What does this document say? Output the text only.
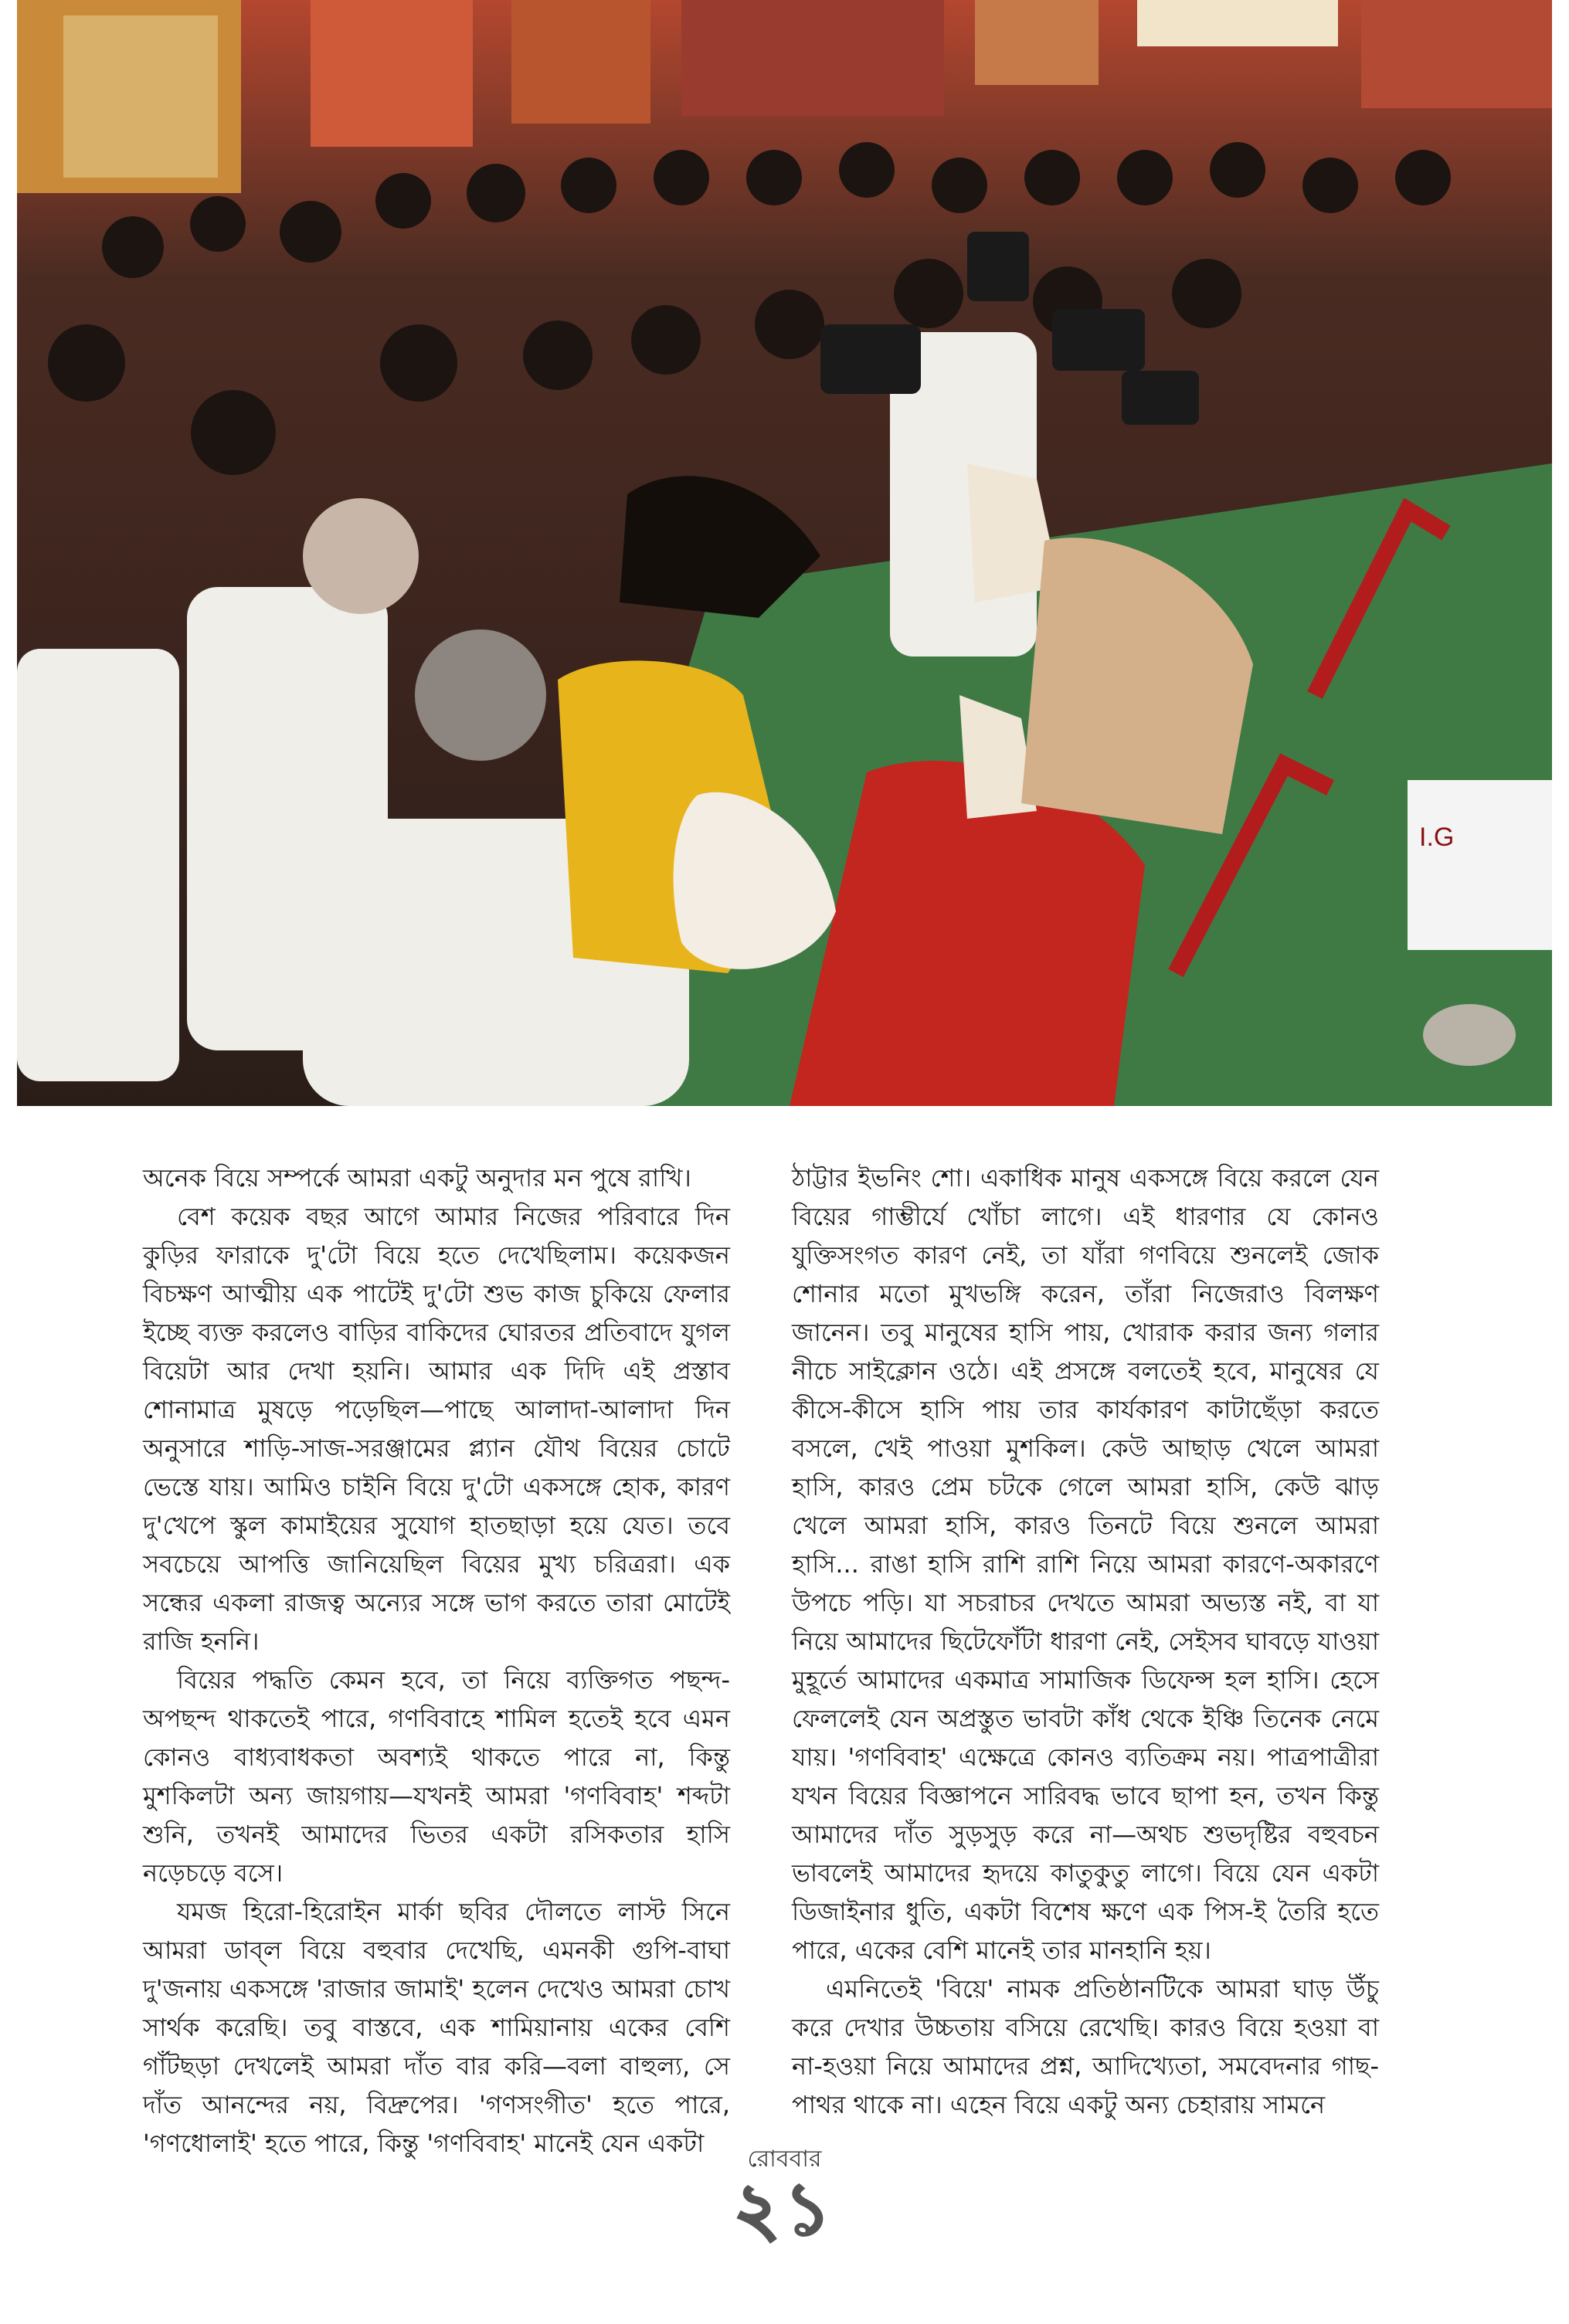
I.G

অনেক বিয়ে সম্পর্কে আমরা একটু অনুদার মন পুষে রাখি।

বেশ কয়েক বছর আগে আমার নিজের পরিবারে দিন কুড়ির ফারাকে দু'টো বিয়ে হতে দেখেছিলাম। কয়েকজন বিচক্ষণ আত্মীয় এক পাটেই দু'টো শুভ কাজ চুকিয়ে ফেলার ইচ্ছে ব্যক্ত করলেও বাড়ির বাকিদের ঘোরতর প্রতিবাদে যুগল বিয়েটা আর দেখা হয়নি। আমার এক দিদি এই প্রস্তাব শোনামাত্র মুষড়ে পড়েছিল—পাছে আলাদা-আলাদা দিন অনুসারে শাড়ি-সাজ-সরঞ্জামের প্ল্যান যৌথ বিয়ের চোটে ভেস্তে যায়। আমিও চাইনি বিয়ে দু'টো একসঙ্গে হোক, কারণ দু'খেপে স্কুল কামাইয়ের সুযোগ হাতছাড়া হয়ে যেত। তবে সবচেয়ে আপত্তি জানিয়েছিল বিয়ের মুখ্য চরিত্ররা। এক সন্ধের একলা রাজত্ব অন্যের সঙ্গে ভাগ করতে তারা মোটেই রাজি হননি।

বিয়ের পদ্ধতি কেমন হবে, তা নিয়ে ব্যক্তিগত পছন্দ-অপছন্দ থাকতেই পারে, গণবিবাহে শামিল হতেই হবে এমন কোনও বাধ্যবাধকতা অবশ্যই থাকতে পারে না, কিন্তু মুশকিলটা অন্য জায়গায়—যখনই আমরা 'গণবিবাহ' শব্দটা শুনি, তখনই আমাদের ভিতর একটা রসিকতার হাসি নড়েচড়ে বসে।

যমজ হিরো-হিরোইন মার্কা ছবির দৌলতে লাস্ট সিনে আমরা ডাব্‌ল বিয়ে বহুবার দেখেছি, এমনকী গুপি-বাঘা দু'জনায় একসঙ্গে 'রাজার জামাই' হলেন দেখেও আমরা চোখ সার্থক করেছি। তবু বাস্তবে, এক শামিয়ানায় একের বেশি গাঁটছড়া দেখলেই আমরা দাঁত বার করি—বলা বাহুল্য, সে দাঁত আনন্দের নয়, বিদ্রুপের। 'গণসংগীত' হতে পারে, 'গণধোলাই' হতে পারে, কিন্তু 'গণবিবাহ' মানেই যেন একটা

ঠাট্টার ইভনিং শো। একাধিক মানুষ একসঙ্গে বিয়ে করলে যেন বিয়ের গাম্ভীর্যে খোঁচা লাগে। এই ধারণার যে কোনও যুক্তিসংগত কারণ নেই, তা যাঁরা গণবিয়ে শুনলেই জোক শোনার মতো মুখভঙ্গি করেন, তাঁরা নিজেরাও বিলক্ষণ জানেন। তবু মানুষের হাসি পায়, খোরাক করার জন্য গলার নীচে সাইক্লোন ওঠে। এই প্রসঙ্গে বলতেই হবে, মানুষের যে কীসে-কীসে হাসি পায় তার কার্যকারণ কাটাছেঁড়া করতে বসলে, খেই পাওয়া মুশকিল। কেউ আছাড় খেলে আমরা হাসি, কারও প্রেম চটকে গেলে আমরা হাসি, কেউ ঝাড় খেলে আমরা হাসি, কারও তিনটে বিয়ে শুনলে আমরা হাসি... রাঙা হাসি রাশি রাশি নিয়ে আমরা কারণে-অকারণে উপচে পড়ি। যা সচরাচর দেখতে আমরা অভ্যস্ত নই, বা যা নিয়ে আমাদের ছিটেফোঁটা ধারণা নেই, সেইসব ঘাবড়ে যাওয়া মুহূর্তে আমাদের একমাত্র সামাজিক ডিফেন্স হল হাসি। হেসে ফেললেই যেন অপ্রস্তুত ভাবটা কাঁধ থেকে ইঞ্চি তিনেক নেমে যায়। 'গণবিবাহ' এক্ষেত্রে কোনও ব্যতিক্রম নয়। পাত্রপাত্রীরা যখন বিয়ের বিজ্ঞাপনে সারিবদ্ধ ভাবে ছাপা হন, তখন কিন্তু আমাদের দাঁত সুড়সুড় করে না—অথচ শুভদৃষ্টির বহুবচন ভাবলেই আমাদের হৃদয়ে কাতুকুতু লাগে। বিয়ে যেন একটা ডিজাইনার ধুতি, একটা বিশেষ ক্ষণে এক পিস-ই তৈরি হতে পারে, একের বেশি মানেই তার মানহানি হয়।

এমনিতেই 'বিয়ে' নামক প্রতিষ্ঠানটিকে আমরা ঘাড় উঁচু করে দেখার উচ্চতায় বসিয়ে রেখেছি। কারও বিয়ে হওয়া বা না-হওয়া নিয়ে আমাদের প্রশ্ন, আদিখ্যেতা, সমবেদনার গাছ-পাথর থাকে না। এহেন বিয়ে একটু অন্য চেহারায় সামনে

রোববার
২১
